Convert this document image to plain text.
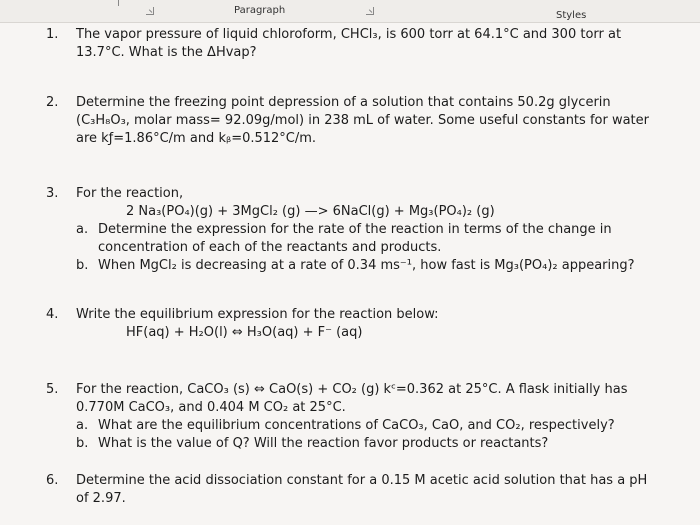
Paragraph	Styles
1. The vapor pressure of liquid chloroform, CHCl₃, is 600 torr at 64.1°C and 300 torr at
13.7°C. What is the ΔHvap?
2. Determine the freezing point depression of a solution that contains 50.2g glycerin
(C₃H₈O₃, molar mass= 92.09g/mol) in 238 mL of water. Some useful constants for water
are kƒ=1.86°C/m and kᵦ=0.512°C/m.
3. For the reaction,
2 Na₃(PO₄)(g) + 3MgCl₂ (g) —> 6NaCl(g) + Mg₃(PO₄)₂ (g)
a. Determine the expression for the rate of the reaction in terms of the change in
concentration of each of the reactants and products.
b. When MgCl₂ is decreasing at a rate of 0.34 ms⁻¹, how fast is Mg₃(PO₄)₂ appearing?
4. Write the equilibrium expression for the reaction below:
HF(aq) + H₂O(l) ⇔ H₃O(aq) + F⁻ (aq)
5. For the reaction, CaCO₃ (s) ⇔ CaO(s) + CO₂ (g) kᶜ=0.362 at 25°C. A flask initially has
0.770M CaCO₃, and 0.404 M CO₂ at 25°C.
a. What are the equilibrium concentrations of CaCO₃, CaO, and CO₂, respectively?
b. What is the value of Q? Will the reaction favor products or reactants?
6. Determine the acid dissociation constant for a 0.15 M acetic acid solution that has a pH
of 2.97.
